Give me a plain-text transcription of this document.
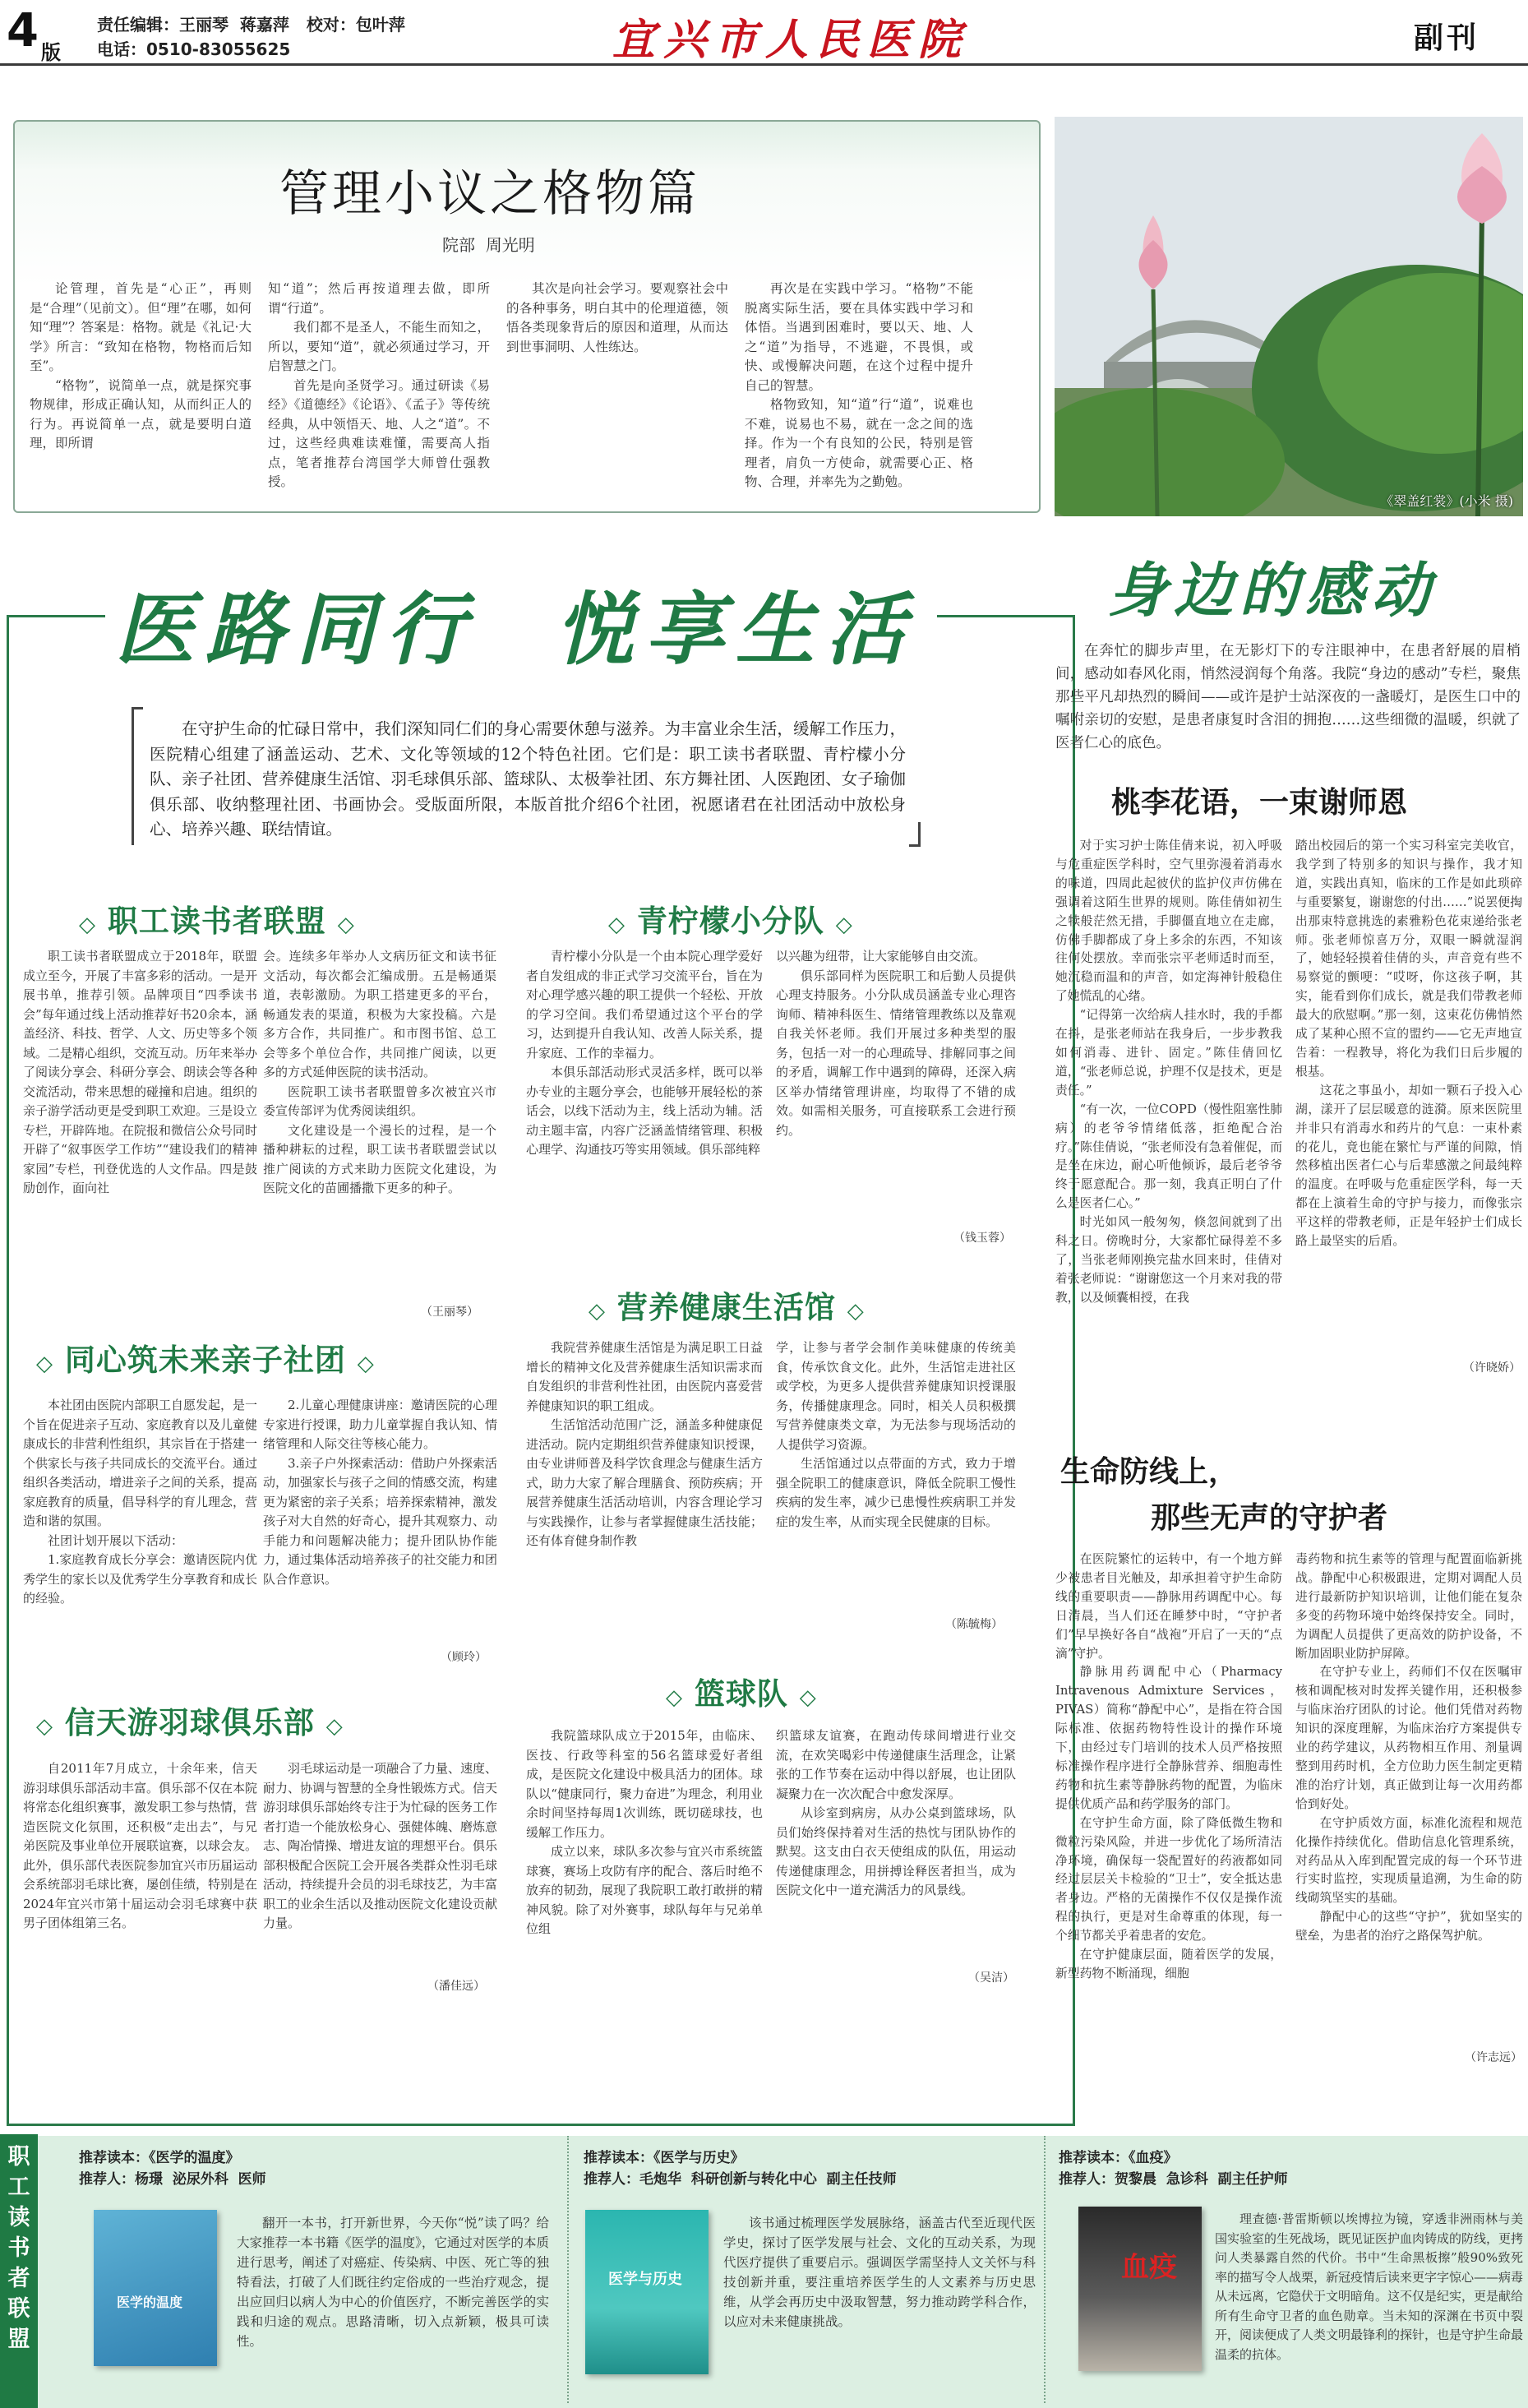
4 版
责任编辑：王丽琴  蒋嘉萍   校对：包叶萍
电话：0510-83055625	宜兴市人民医院	副刊
管理小议之格物篇
院部  周光明

论管理，首先是“心正”，再则是“合理”（见前文）。但“理”在哪，如何知“理”？答案是：格物。就是《礼记·大学》所言：“致知在格物，物格而后知至”。

“格物”，说简单一点，就是探究事物规律，形成正确认知，从而纠正人的行为。再说简单一点，就是要明白道理，即所谓

知“道”；然后再按道理去做，即所谓“行道”。

我们都不是圣人，不能生而知之，所以，要知“道”，就必须通过学习，开启智慧之门。

首先是向圣贤学习。通过研读《易经》《道德经》《论语》、《孟子》等传统经典，从中领悟天、地、人之“道”。不过，这些经典难读难懂，需要高人指点，笔者推荐台湾国学大师曾仕强教授。

其次是向社会学习。要观察社会中的各种事务，明白其中的伦理道德，领悟各类现象背后的原因和道理，从而达到世事洞明、人性练达。

再次是在实践中学习。“格物”不能脱离实际生活，要在具体实践中学习和体悟。当遇到困难时，要以天、地、人之“道”为指导，不逃避，不畏惧，或快、或慢解决问题，在这个过程中提升自己的智慧。

格物致知，知“道”行“道”，说难也不难，说易也不易，就在一念之间的选择。作为一个有良知的公民，特别是管理者，肩负一方使命，就需要心正、格物、合理，并率先为之勤勉。

《翠盖红裳》(小米 摄)
医路同行  悦享生活
在守护生命的忙碌日常中，我们深知同仁们的身心需要休憩与滋养。为丰富业余生活，缓解工作压力，医院精心组建了涵盖运动、艺术、文化等领域的12个特色社团。它们是：职工读书者联盟、青柠檬小分队、亲子社团、营养健康生活馆、羽毛球俱乐部、篮球队、太极拳社团、东方舞社团、人医跑团、女子瑜伽俱乐部、收纳整理社团、书画协会。受版面所限，本版首批介绍6个社团，祝愿诸君在社团活动中放松身心、培养兴趣、联结情谊。
◇ 职工读书者联盟 ◇
职工读书者联盟成立于2018年，联盟成立至今，开展了丰富多彩的活动。一是开展书单，推荐引领。品牌项目“四季读书会”每年通过线上活动推荐好书20余本，涵盖经济、科技、哲学、人文、历史等多个领域。二是精心组织，交流互动。历年来举办了阅读分享会、科研分享会、朗读会等各种交流活动，带来思想的碰撞和启迪。组织的亲子游学活动更是受到职工欢迎。三是设立专栏，开辟阵地。在院报和微信公众号同时开辟了“叙事医学工作坊”“建设我们的精神家园”专栏，刊登优选的人文作品。四是鼓励创作，面向社

会。连续多年举办人文病历征文和读书征文活动，每次都会汇编成册。五是畅通渠道，表彰激励。为职工搭建更多的平台，畅通发表的渠道，积极为大家投稿。六是多方合作，共同推广。和市图书馆、总工会等多个单位合作，共同推广阅读，以更多的方式延伸医院的读书活动。

医院职工读书者联盟曾多次被宜兴市委宣传部评为优秀阅读组织。

文化建设是一个漫长的过程，是一个播种耕耘的过程，职工读书者联盟尝试以推广阅读的方式来助力医院文化建设，为医院文化的苗圃播撒下更多的种子。

（王丽琴）
◇ 青柠檬小分队 ◇

青柠檬小分队是一个由本院心理学爱好者自发组成的非正式学习交流平台，旨在为对心理学感兴趣的职工提供一个轻松、开放的学习空间。我们希望通过这个平台的学习，达到提升自我认知、改善人际关系，提升家庭、工作的幸福力。

本俱乐部活动形式灵活多样，既可以举办专业的主题分享会，也能够开展轻松的茶话会，以线下活动为主，线上活动为辅。活动主题丰富，内容广泛涵盖情绪管理、积极心理学、沟通技巧等实用领域。俱乐部纯粹

以兴趣为纽带，让大家能够自由交流。

俱乐部同样为医院职工和后勤人员提供心理支持服务。小分队成员涵盖专业心理咨询师、精神科医生、情绪管理教练以及靠观自我关怀老师。我们开展过多种类型的服务，包括一对一的心理疏导、排解同事之间的矛盾，调解工作中遇到的障碍，还深入病区举办情绪管理讲座，均取得了不错的成效。如需相关服务，可直接联系工会进行预约。

（钱玉蓉）
◇ 同心筑未来亲子社团 ◇

本社团由医院内部职工自愿发起，是一个旨在促进亲子互动、家庭教育以及儿童健康成长的非营利性组织，其宗旨在于搭建一个供家长与孩子共同成长的交流平台。通过组织各类活动，增进亲子之间的关系，提高家庭教育的质量，倡导科学的育儿理念，营造和谐的氛围。

社团计划开展以下活动：

1.家庭教育成长分享会：邀请医院内优秀学生的家长以及优秀学生分享教育和成长的经验。

2.儿童心理健康讲座：邀请医院的心理专家进行授课，助力儿童掌握自我认知、情绪管理和人际交往等核心能力。

3.亲子户外探索活动：借助户外探索活动，加强家长与孩子之间的情感交流，构建更为紧密的亲子关系；培养探索精神，激发孩子对大自然的好奇心，提升其观察力、动手能力和问题解决能力；提升团队协作能力，通过集体活动培养孩子的社交能力和团队合作意识。

（顾玲）
◇ 营养健康生活馆 ◇

我院营养健康生活馆是为满足职工日益增长的精神文化及营养健康生活知识需求而自发组织的非营利性社团，由医院内喜爱营养健康知识的职工组成。

生活馆活动范围广泛，涵盖多种健康促进活动。院内定期组织营养健康知识授课，由专业讲师普及科学饮食理念与健康生活方式，助力大家了解合理膳食、预防疾病；开展营养健康生活活动培训，内容含理论学习与实践操作，让参与者掌握健康生活技能；还有体育健身制作教

学，让参与者学会制作美味健康的传统美食，传承饮食文化。此外，生活馆走进社区或学校，为更多人提供营养健康知识授课服务，传播健康理念。同时，相关人员积极撰写营养健康类文章，为无法参与现场活动的人提供学习资源。

生活馆通过以点带面的方式，致力于增强全院职工的健康意识，降低全院职工慢性疾病的发生率，减少已患慢性疾病职工并发症的发生率，从而实现全民健康的目标。

（陈毓梅）
◇ 信天游羽球俱乐部 ◇
自2011年7月成立，十余年来，信天游羽球俱乐部活动丰富。俱乐部不仅在本院将常态化组织赛事，激发职工参与热情，营造医院文化氛围，还积极“走出去”，与兄弟医院及事业单位开展联谊赛，以球会友。此外，俱乐部代表医院参加宜兴市历届运动会系统部羽毛球比赛，屡创佳绩，特别是在2024年宜兴市第十届运动会羽毛球赛中获男子团体组第三名。
羽毛球运动是一项融合了力量、速度、耐力、协调与智慧的全身性锻炼方式。信天游羽球俱乐部始终专注于为忙碌的医务工作者打造一个能放松身心、强健体魄、磨炼意志、陶冶情操、增进友谊的理想平台。俱乐部积极配合医院工会开展各类群众性羽毛球活动，持续提升会员的羽毛球技艺，为丰富职工的业余生活以及推动医院文化建设贡献力量。
（潘佳远）
◇ 篮球队 ◇

我院篮球队成立于2015年，由临床、医技、行政等科室的56名篮球爱好者组成，是医院文化建设中极具活力的团体。球队以“健康同行，聚力奋进”为理念，利用业余时间坚持每周1次训练，既切磋球技，也缓解工作压力。

成立以来，球队多次参与宜兴市系统篮球赛，赛场上攻防有序的配合、落后时绝不放弃的韧劲，展现了我院职工敢打敢拼的精神风貌。除了对外赛事，球队每年与兄弟单位组

织篮球友谊赛，在跑动传球间增进行业交流，在欢笑喝彩中传递健康生活理念，让紧张的工作节奏在运动中得以舒展，也让团队凝聚力在一次次配合中愈发深厚。

从诊室到病房，从办公桌到篮球场，队员们始终保持着对生活的热忱与团队协作的默契。这支由白衣天使组成的队伍，用运动传递健康理念，用拼搏诠释医者担当，成为医院文化中一道充满活力的风景线。

（吴洁）
身边的感动
在奔忙的脚步声里，在无影灯下的专注眼神中，在患者舒展的眉梢间，感动如春风化雨，悄然浸润每个角落。我院“身边的感动”专栏，聚焦那些平凡却热烈的瞬间——或许是护士站深夜的一盏暖灯，是医生口中的嘱咐亲切的安慰，是患者康复时含泪的拥抱……这些细微的温暖，织就了医者仁心的底色。
桃李花语，一束谢师恩

对于实习护士陈佳倩来说，初入呼吸与危重症医学科时，空气里弥漫着消毒水的味道，四周此起彼伏的监护仪声仿佛在强调着这陌生世界的规则。陈佳倩如初生之犊般茫然无措，手脚僵直地立在走廊，仿佛手脚都成了身上多余的东西，不知该往何处摆放。幸而张宗平老师适时而至，她沉稳而温和的声音，如定海神针般稳住了她慌乱的心绪。

“记得第一次给病人挂水时，我的手都在抖，是张老师站在我身后，一步步教我如何消毒、进针、固定。”陈佳倩回忆道，“张老师总说，护理不仅是技术，更是责任。”

“有一次，一位COPD（慢性阻塞性肺病）的老爷爷情绪低落，拒绝配合治疗。”陈佳倩说，“张老师没有急着催促，而是坐在床边，耐心听他倾诉，最后老爷爷终于愿意配合。那一刻，我真正明白了什么是医者仁心。”

时光如风一般匆匆，倏忽间就到了出科之日。傍晚时分，大家都忙碌得差不多了，当张老师刚换完盐水回来时，佳倩对着张老师说：“谢谢您这一个月来对我的带教，以及倾囊相授，在我

踏出校园后的第一个实习科室完美收官，我学到了特别多的知识与操作，我才知道，实践出真知，临床的工作是如此琐碎与重要繁复，谢谢您的付出……”说罢便掏出那束特意挑选的素雅粉色花束递给张老师。张老师惊喜万分，双眼一瞬就湿润了，她轻轻摸着佳倩的头，声音竟有些不易察觉的颤哽：“哎呀，你这孩子啊，其实，能看到你们成长，就是我们带教老师最大的欣慰啊。”那一刻，这束花仿佛悄然成了某种心照不宣的盟约——它无声地宣告着：一程教导，将化为我们日后步履的根基。

这花之事虽小，却如一颗石子投入心湖，漾开了层层暖意的涟漪。原来医院里并非只有消毒水和药片的气息：一束朴素的花儿，竟也能在繁忙与严谨的间隙，悄然移植出医者仁心与后辈感激之间最纯粹的温度。在呼吸与危重症医学科，每一天都在上演着生命的守护与接力，而像张宗平这样的带教老师，正是年轻护士们成长路上最坚实的后盾。

（许晓娇）
生命防线上，
那些无声的守护者

在医院繁忙的运转中，有一个地方鲜少被患者目光触及，却承担着守护生命防线的重要职责——静脉用药调配中心。每日清晨，当人们还在睡梦中时，“守护者们”早早换好各自“战袍”开启了一天的“点滴”守护。

静脉用药调配中心（Pharmacy Intravenous Admixture Services，PIVAS）简称“静配中心”，是指在符合国际标准、依据药物特性设计的操作环境下，由经过专门培训的技术人员严格按照标准操作程序进行全静脉营养、细胞毒性药物和抗生素等静脉药物的配置，为临床提供优质产品和药学服务的部门。

在守护生命方面，除了降低微生物和微粒污染风险，并进一步优化了场所清洁净环境，确保每一袋配置好的药液都如同经过层层关卡检验的“卫士”，安全抵达患者身边。严格的无菌操作不仅仅是操作流程的执行，更是对生命尊重的体现，每一个细节都关乎着患者的安危。

在守护健康层面，随着医学的发展，新型药物不断涌现，细胞

毒药物和抗生素等的管理与配置面临新挑战。静配中心积极跟进，定期对调配人员进行最新防护知识培训，让他们能在复杂多变的药物环境中始终保持安全。同时，为调配人员提供了更高效的防护设备，不断加固职业防护屏障。

在守护专业上，药师们不仅在医嘱审核和调配核对时发挥关键作用，还积极参与临床治疗团队的讨论。他们凭借对药物知识的深度理解，为临床治疗方案提供专业的药学建议，从药物相互作用、剂量调整到用药时机，全方位助力医生制定更精准的治疗计划，真正做到让每一次用药都恰到好处。

在守护质效方面，标准化流程和规范化操作持续优化。借助信息化管理系统，对药品从入库到配置完成的每一个环节进行实时监控，实现质量追溯，为生命的防线砌筑坚实的基础。

静配中心的这些“守护”，犹如坚实的壁垒，为患者的治疗之路保驾护航。

（许志远）
职工读书者联盟
推荐读本：《医学的温度》
推荐人：杨璟  泌尿外科  医师
医学的温度
翻开一本书，打开新世界，今天你“悦”读了吗？给大家推荐一本书籍《医学的温度》，它通过对医学的本质进行思考，阐述了对癌症、传染病、中医、死亡等的独特看法，打破了人们既往约定俗成的一些治疗观念，提出应回归以病人为中心的价值医疗，不断完善医学的实践和归途的观点。思路清晰，切入点新颖，极具可读性。
推荐读本：《医学与历史》
推荐人：毛炮华  科研创新与转化中心  副主任技师
医学与历史
该书通过梳理医学发展脉络，涵盖古代至近现代医学史，探讨了医学发展与社会、文化的互动关系，为现代医疗提供了重要启示。强调医学需坚持人文关怀与科技创新并重，要注重培养医学生的人文素养与历史思维，从学会再历史中汲取智慧，努力推动跨学科合作，以应对未来健康挑战。
推荐读本：《血疫》
推荐人：贺黎晨  急诊科  副主任护师
血疫
理查德·普雷斯顿以埃博拉为镜，穿透非洲雨林与美国实验室的生死战场，既见证医护血肉铸成的防线，更拷问人类暴露自然的代价。书中“生命黑板擦”般90%致死率的描写令人战栗，新冠疫情后读来更字字惊心——病毒从未远离，它隐伏于文明暗角。这不仅是纪实，更是献给所有生命守卫者的血色勋章。当未知的深渊在书页中裂开，阅读便成了人类文明最锋利的探针，也是守护生命最温柔的抗体。
